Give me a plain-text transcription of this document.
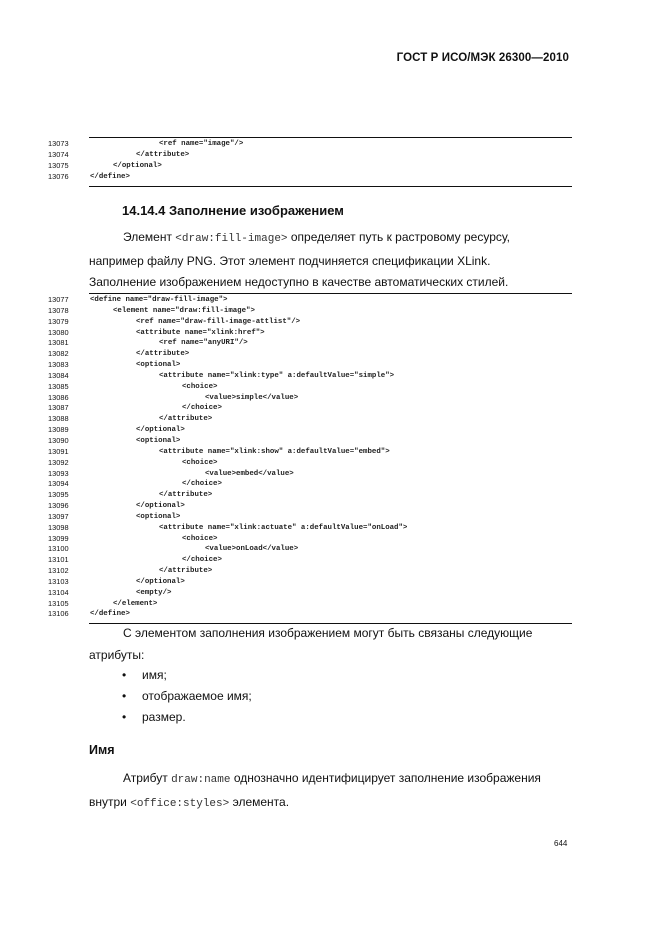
ГОСТ Р ИСО/МЭК 26300—2010
13073	<ref name="image"/>
13074	</attribute>
13075	</optional>
13076	</define>
14.14.4 Заполнение изображением
Элемент <draw:fill-image> определяет путь к растровому ресурсу,
например файлу PNG. Этот элемент подчиняется спецификации XLink.
Заполнение изображением недоступно в качестве автоматических стилей.
13077	<define name="draw-fill-image">
13078	<element name="draw:fill-image">
13079	<ref name="draw-fill-image-attlist"/>
13080	<attribute name="xlink:href">
13081	<ref name="anyURI"/>
13082	</attribute>
13083	<optional>
13084	<attribute name="xlink:type" a:defaultValue="simple">
13085	<choice>
13086	<value>simple</value>
13087	</choice>
13088	</attribute>
13089	</optional>
13090	<optional>
13091	<attribute name="xlink:show" a:defaultValue="embed">
13092	<choice>
13093	<value>embed</value>
13094	</choice>
13095	</attribute>
13096	</optional>
13097	<optional>
13098	<attribute name="xlink:actuate" a:defaultValue="onLoad">
13099	<choice>
13100	<value>onLoad</value>
13101	</choice>
13102	</attribute>
13103	</optional>
13104	<empty/>
13105	</element>
13106	</define>
С элементом заполнения изображением могут быть связаны следующие
атрибуты:
• имя;
• отображаемое имя;
• размер.
Имя
Атрибут draw:name однозначно идентифицирует заполнение изображения
внутри <office:styles> элемента.
644
